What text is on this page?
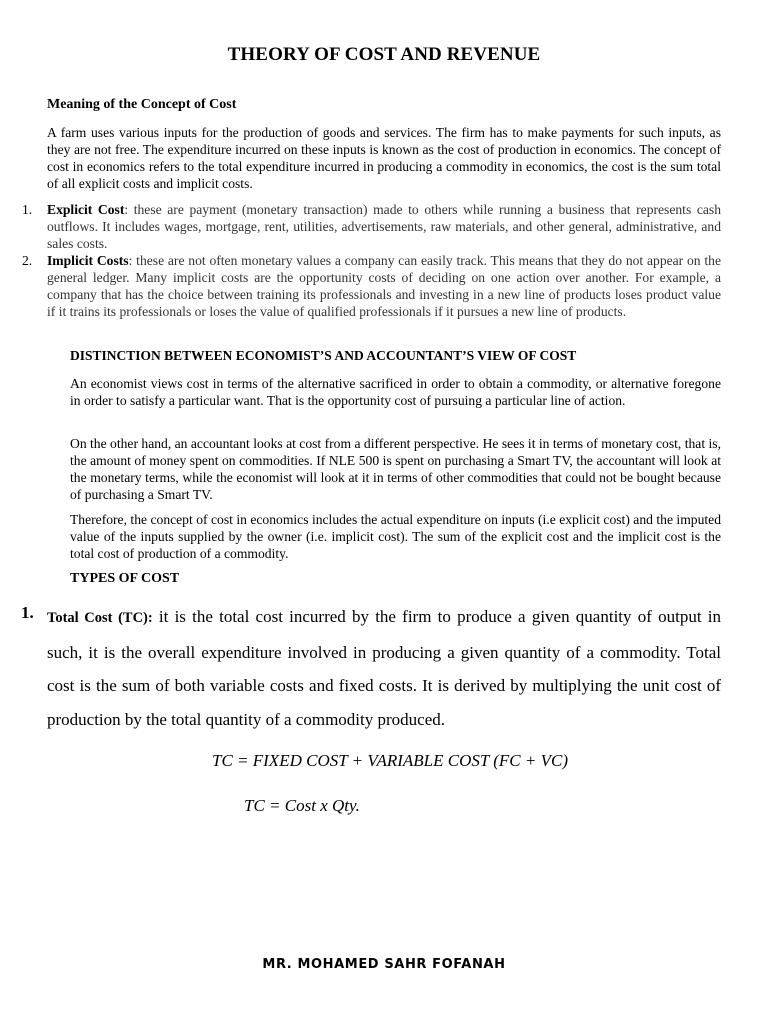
THEORY OF COST AND REVENUE

Meaning of the Concept of Cost

A farm uses various inputs for the production of goods and services. The firm has to make payments for such inputs, as they are not free. The expenditure incurred on these inputs is known as the cost of production in economics. The concept of cost in economics refers to the total expenditure incurred in producing a commodity in economics, the cost is the sum total of all explicit costs and implicit costs.

1. Explicit Cost: these are payment (monetary transaction) made to others while running a business that represents cash outflows. It includes wages, mortgage, rent, utilities, advertisements, raw materials, and other general, administrative, and sales costs.
2. Implicit Costs: these are not often monetary values a company can easily track. This means that they do not appear on the general ledger. Many implicit costs are the opportunity costs of deciding on one action over another. For example, a company that has the choice between training its professionals and investing in a new line of products loses product value if it trains its professionals or loses the value of qualified professionals if it pursues a new line of products.

DISTINCTION BETWEEN ECONOMIST’S AND ACCOUNTANT’S VIEW OF COST

An economist views cost in terms of the alternative sacrificed in order to obtain a commodity, or alternative foregone in order to satisfy a particular want. That is the opportunity cost of pursuing a particular line of action.

On the other hand, an accountant looks at cost from a different perspective. He sees it in terms of monetary cost, that is, the amount of money spent on commodities. If NLE 500 is spent on purchasing a Smart TV, the accountant will look at the monetary terms, while the economist will look at it in terms of other commodities that could not be bought because of purchasing a Smart TV.

Therefore, the concept of cost in economics includes the actual expenditure on inputs (i.e explicit cost) and the imputed value of the inputs supplied by the owner (i.e. implicit cost). The sum of the explicit cost and the implicit cost is the total cost of production of a commodity.

TYPES OF COST

1. Total Cost (TC): it is the total cost incurred by the firm to produce a given quantity of output in such, it is the overall expenditure involved in producing a given quantity of a commodity. Total cost is the sum of both variable costs and fixed costs. It is derived by multiplying the unit cost of production by the total quantity of a commodity produced.

TC = FIXED COST + VARIABLE COST (FC + VC)

TC = Cost x Qty.

MR. MOHAMED SAHR FOFANAH
